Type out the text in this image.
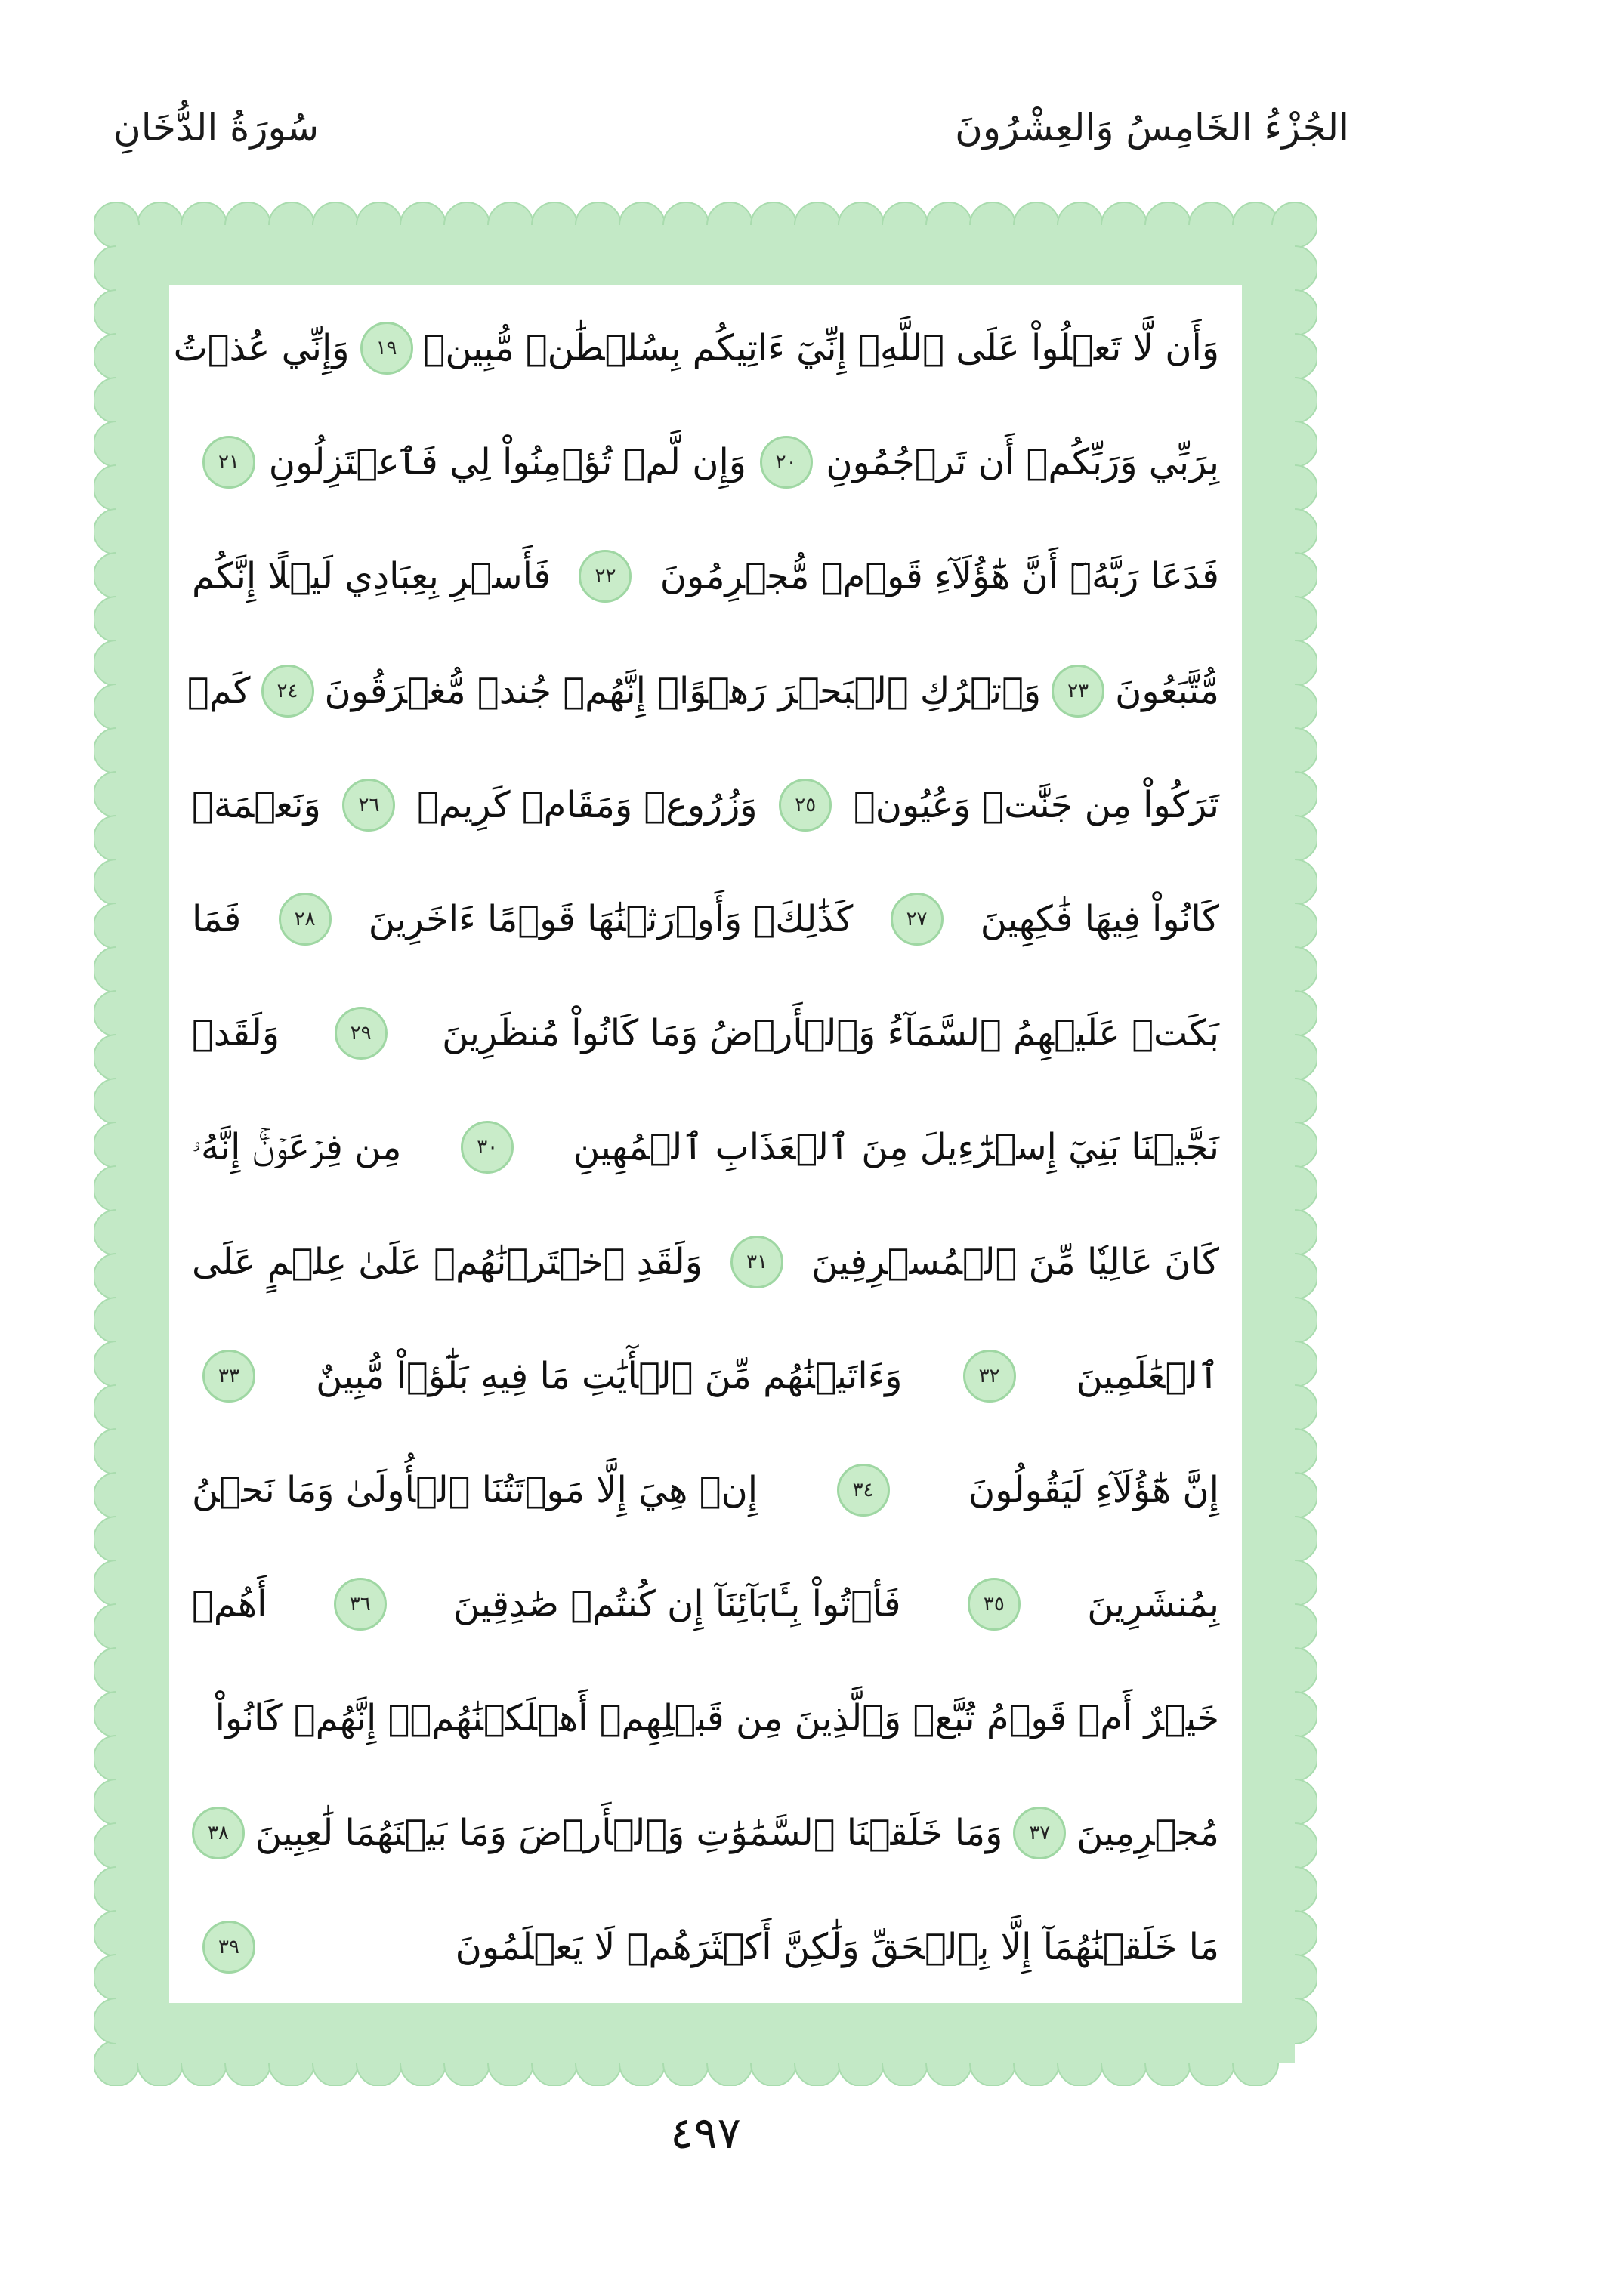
الجُزْءُ الخَامِسُ وَالعِشْرُونَ
سُورَةُ الدُّخَانِ
وَأَن لَّا تَعۡلُواْ عَلَى ٱللَّهِۖ إِنِّيٓ ءَاتِيكُم بِسُلۡطَٰنٖ مُّبِينٖ
١٩
وَإِنِّي عُذۡتُ
بِرَبِّي وَرَبِّكُمۡ أَن تَرۡجُمُونِ
٢٠
وَإِن لَّمۡ تُؤۡمِنُواْ لِي فَٱعۡتَزِلُونِ
٢١
فَدَعَا رَبَّهُۥٓ أَنَّ هَٰٓؤُلَآءِ قَوۡمٞ مُّجۡرِمُونَ
٢٢
فَأَسۡرِ بِعِبَادِي لَيۡلًا إِنَّكُم
مُّتَّبَعُونَ
٢٣
وَٱتۡرُكِ ٱلۡبَحۡرَ رَهۡوًاۖ إِنَّهُمۡ جُندٞ مُّغۡرَقُونَ
٢٤
كَمۡ
تَرَكُواْ مِن جَنَّٰتٖ وَعُيُونٖ
٢٥
وَزُرُوعٖ وَمَقَامٖ كَرِيمٖ
٢٦
وَنَعۡمَةٖ
كَانُواْ فِيهَا فَٰكِهِينَ
٢٧
كَذَٰلِكَۖ وَأَوۡرَثۡنَٰهَا قَوۡمًا ءَاخَرِينَ
٢٨
فَمَا
بَكَتۡ عَلَيۡهِمُ ٱلسَّمَآءُ وَٱلۡأَرۡضُ وَمَا كَانُواْ مُنظَرِينَ
٢٩
وَلَقَدۡ
نَجَّيۡنَا بَنِيٓ إِسۡرَٰٓءِيلَ مِنَ ٱلۡعَذَابِ ٱلۡمُهِينِ
٣٠
مِن فِرۡعَوۡنَۚ إِنَّهُۥ
كَانَ عَالِيٗا مِّنَ ٱلۡمُسۡرِفِينَ
٣١
وَلَقَدِ ٱخۡتَرۡنَٰهُمۡ عَلَىٰ عِلۡمٍ عَلَى
ٱلۡعَٰلَمِينَ
٣٢
وَءَاتَيۡنَٰهُم مِّنَ ٱلۡأٓيَٰتِ مَا فِيهِ بَلَٰٓؤٞاْ مُّبِينٌ
٣٣
إِنَّ هَٰٓؤُلَآءِ لَيَقُولُونَ
٣٤
إِنۡ هِيَ إِلَّا مَوۡتَتُنَا ٱلۡأُولَىٰ وَمَا نَحۡنُ
بِمُنشَرِينَ
٣٥
فَأۡتُواْ بِـَٔابَآئِنَآ إِن كُنتُمۡ صَٰدِقِينَ
٣٦
أَهُمۡ
خَيۡرٌ أَمۡ قَوۡمُ تُبَّعٖ وَٱلَّذِينَ مِن قَبۡلِهِمۡ أَهۡلَكۡنَٰهُمۡۚ إِنَّهُمۡ كَانُواْ
مُجۡرِمِينَ
٣٧
وَمَا خَلَقۡنَا ٱلسَّمَٰوَٰتِ وَٱلۡأَرۡضَ وَمَا بَيۡنَهُمَا لَٰعِبِينَ
٣٨
مَا خَلَقۡنَٰهُمَآ إِلَّا بِٱلۡحَقِّ وَلَٰكِنَّ أَكۡثَرَهُمۡ لَا يَعۡلَمُونَ
٣٩
٤٩٧
